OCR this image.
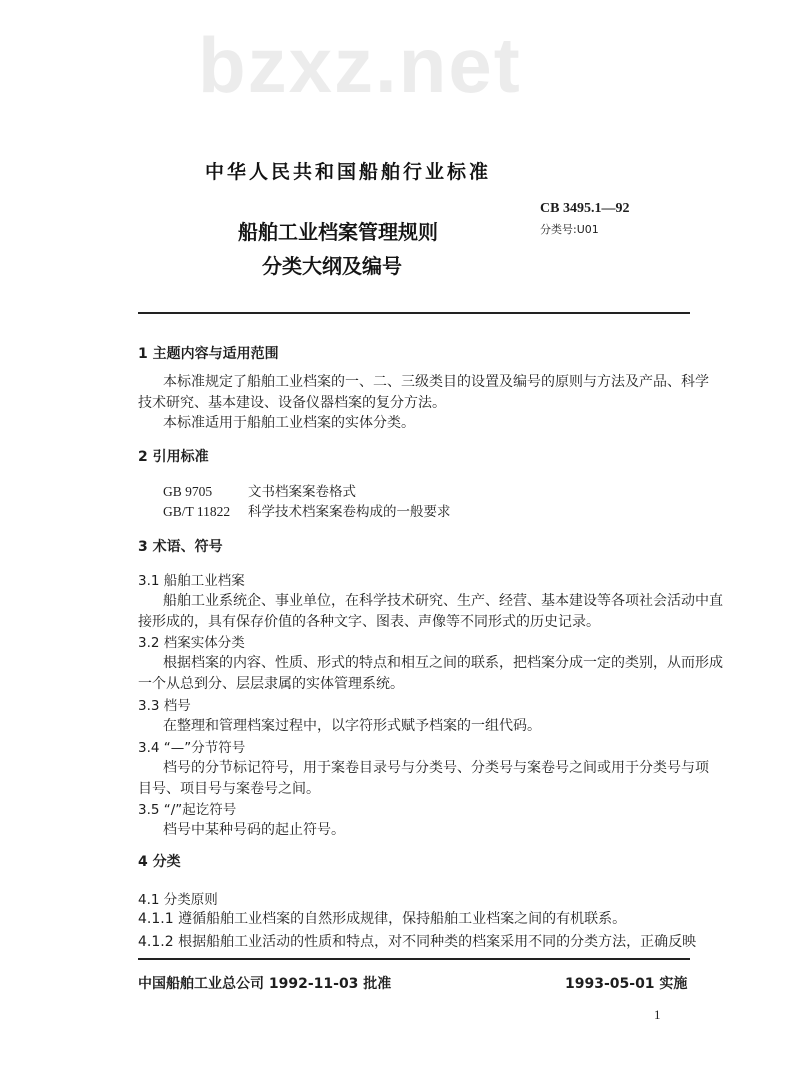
bzxz.net
中华人民共和国船舶行业标准
CB 3495.1—92
分类号:U01
船舶工业档案管理规则
分类大纲及编号
1 主题内容与适用范围
本标准规定了船舶工业档案的一、二、三级类目的设置及编号的原则与方法及产品、科学
技术研究、基本建设、设备仪器档案的复分方法。
本标准适用于船舶工业档案的实体分类。
2 引用标准
GB 9705	文书档案案卷格式
GB/T 11822 科学技术档案案卷构成的一般要求
3 术语、符号
3.1 船舶工业档案
船舶工业系统企、事业单位，在科学技术研究、生产、经营、基本建设等各项社会活动中直
接形成的，具有保存价值的各种文字、图表、声像等不同形式的历史记录。
3.2 档案实体分类
根据档案的内容、性质、形式的特点和相互之间的联系，把档案分成一定的类别，从而形成
一个从总到分、层层隶属的实体管理系统。
3.3 档号
在整理和管理档案过程中，以字符形式赋予档案的一组代码。
3.4 “—”分节符号
档号的分节标记符号，用于案卷目录号与分类号、分类号与案卷号之间或用于分类号与项
目号、项目号与案卷号之间。
3.5 “/”起讫符号
档号中某种号码的起止符号。
4 分类
4.1 分类原则
4.1.1 遵循船舶工业档案的自然形成规律，保持船舶工业档案之间的有机联系。
4.1.2 根据船舶工业活动的性质和特点，对不同种类的档案采用不同的分类方法，正确反映
中国船舶工业总公司 1992-11-03 批准	1993-05-01 实施
1
